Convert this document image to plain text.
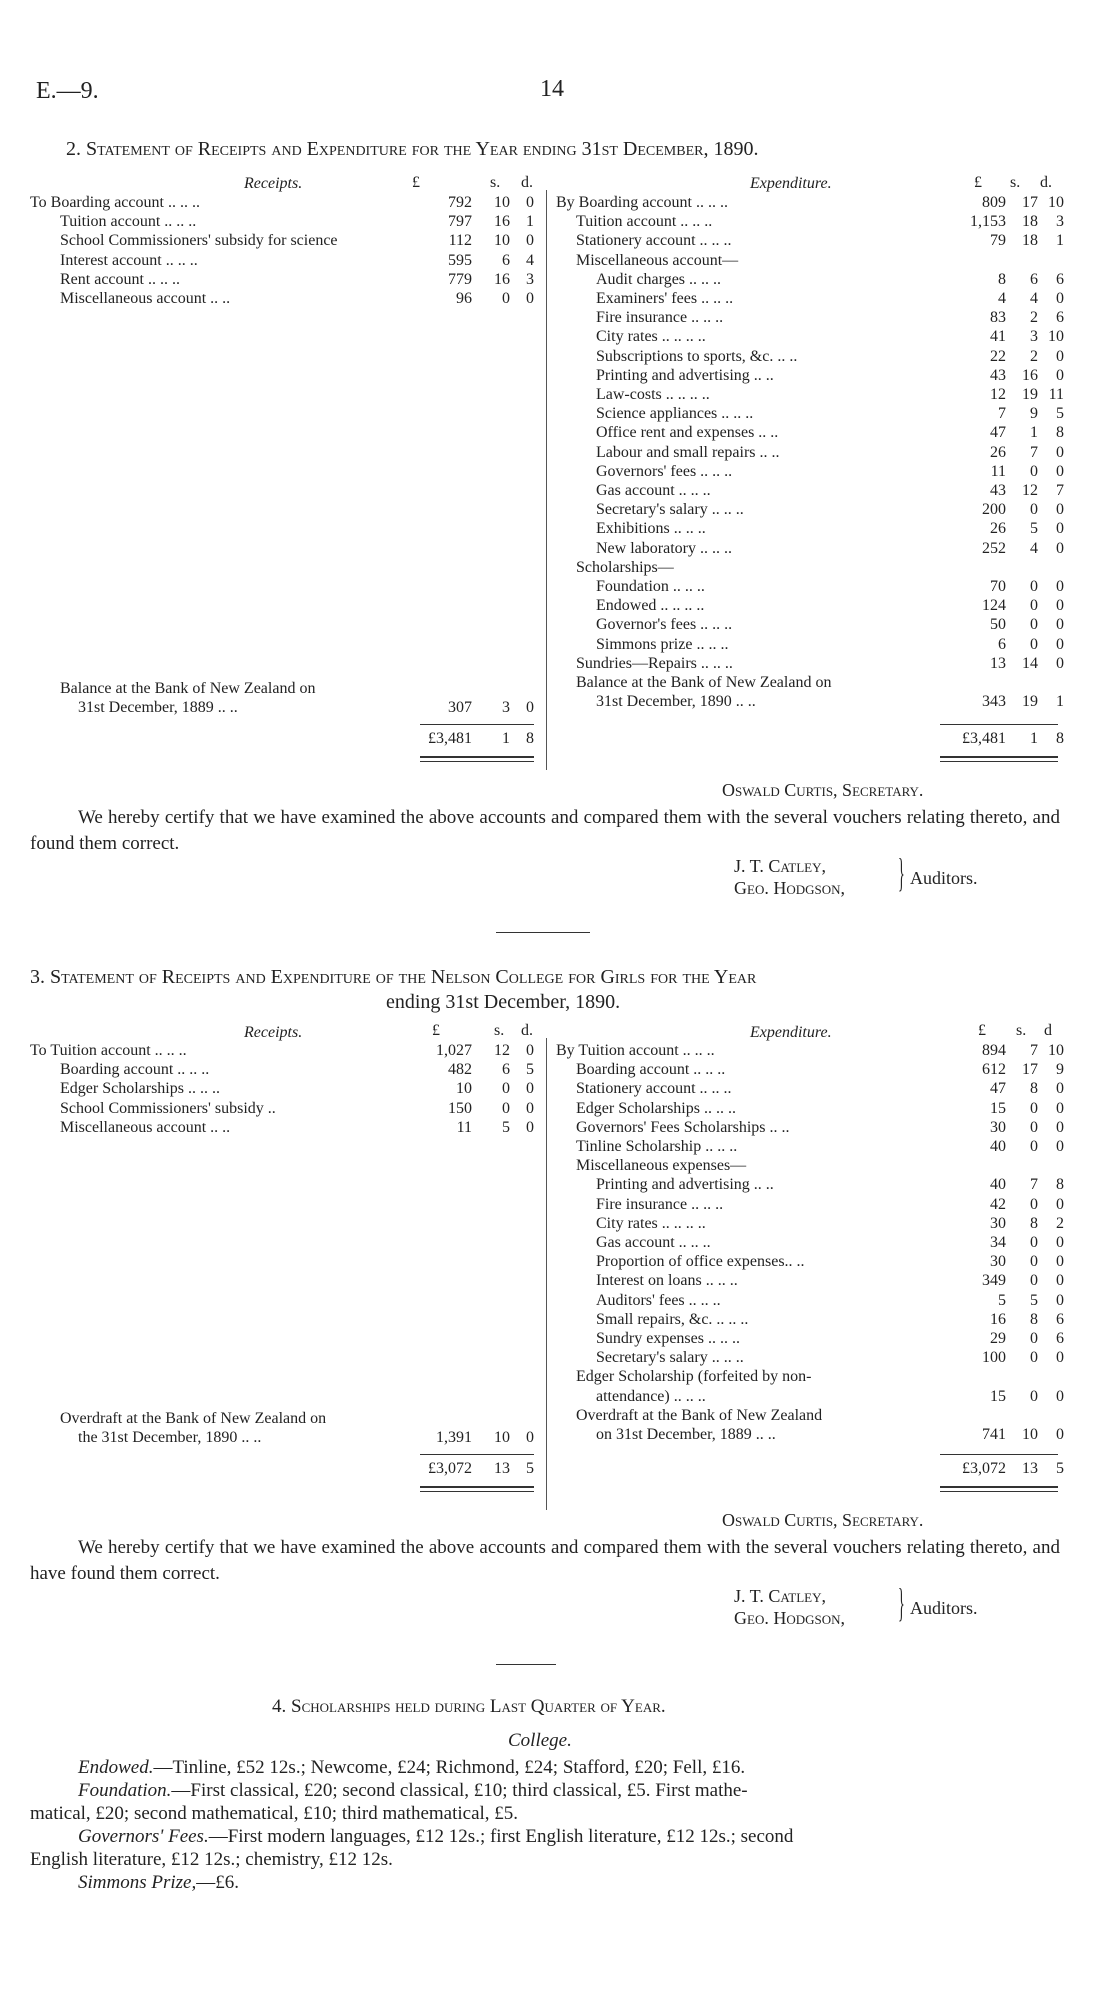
E.—9.	14
2. Statement of Receipts and Expenditure for the Year ending 31st December, 1890.
Receipts.	£	s. d.	Expenditure.	£ s. d.
To Boarding account .. .. ..	792	10	0
Tuition account .. .. ..	797	16	1
School Commissioners' subsidy for science	112	10	0
Interest account .. .. ..	595	6	4
Rent account .. .. ..	779	16	3
Miscellaneous account .. ..	96	0	0
By Boarding account .. .. ..	809	17 10
Tuition account .. .. ..	1,153	18	3
Stationery account .. .. ..	79	18	1
Miscellaneous account—
Audit charges .. .. ..	8	6	6
Examiners' fees .. .. ..	4	4	0
Fire insurance .. .. ..	83	2	6
City rates .. .. .. ..	41	3 10
Subscriptions to sports, &c. .. ..	22	2	0
Printing and advertising .. ..	43	16	0
Law-costs .. .. .. ..	12	19 11
Science appliances .. .. ..	7	9	5
Office rent and expenses .. ..	47	1	8
Labour and small repairs .. ..	26	7	0
Governors' fees .. .. ..	11	0	0
Gas account .. .. ..	43	12	7
Secretary's salary .. .. ..	200	0	0
Exhibitions .. .. ..	26	5	0
New laboratory .. .. ..	252	4	0
Scholarships—
Foundation .. .. ..	70	0	0
Endowed .. .. .. ..	124	0	0
Governor's fees .. .. ..	50	0	0
Simmons prize .. .. ..	6	0	0
Sundries—Repairs .. .. ..	13	14	0
Balance at the Bank of New Zealand on
31st December, 1890 .. ..	343	19	1
Balance at the Bank of New Zealand on
31st December, 1889 .. ..	307	3	0
£3,481	1	8	£3,481	1	8
Oswald Curtis, Secretary.
We hereby certify that we have examined the above accounts and compared them with the several vouchers relating thereto, and found them correct.
J. T. Catley,
Geo. Hodgson, } Auditors.
3. Statement of Receipts and Expenditure of the Nelson College for Girls for the Year
ending 31st December, 1890.
Receipts.	£	s. d.	Expenditure.	£ s. d
To Tuition account .. .. ..	1,027	12	0
Boarding account .. .. ..	482	6	5
Edger Scholarships .. .. ..	10	0	0
School Commissioners' subsidy ..	150	0	0
Miscellaneous account .. ..	11	5	0
By Tuition account .. .. ..	894	7 10
Boarding account .. .. ..	612	17	9
Stationery account .. .. ..	47	8	0
Edger Scholarships .. .. ..	15	0	0
Governors' Fees Scholarships .. ..	30	0	0
Tinline Scholarship .. .. ..	40	0	0
Miscellaneous expenses—
Printing and advertising .. ..	40	7	8
Fire insurance .. .. ..	42	0	0
City rates .. .. .. ..	30	8	2
Gas account .. .. ..	34	0	0
Proportion of office expenses.. ..	30	0	0
Interest on loans .. .. ..	349	0	0
Auditors' fees .. .. ..	5	5	0
Small repairs, &c. .. .. ..	16	8	6
Sundry expenses .. .. ..	29	0	6
Secretary's salary .. .. ..	100	0	0
Edger Scholarship (forfeited by non-
attendance) .. .. ..	15	0	0
Overdraft at the Bank of New Zealand
on 31st December, 1889 .. ..	741	10	0
Overdraft at the Bank of New Zealand on
the 31st December, 1890 .. ..	1,391	10	0
£3,072	13	5	£3,072	13	5
Oswald Curtis, Secretary.
We hereby certify that we have examined the above accounts and compared them with the several vouchers relating thereto, and have found them correct.
J. T. Catley,
Geo. Hodgson, } Auditors.
4. Scholarships held during Last Quarter of Year.
College.
Endowed.—Tinline, £52 12s.; Newcome, £24; Richmond, £24; Stafford, £20; Fell, £16.
Foundation.—First classical, £20; second classical, £10; third classical, £5. First mathe-
matical, £20; second mathematical, £10; third mathematical, £5.
Governors' Fees.—First modern languages, £12 12s.; first English literature, £12 12s.; second
English literature, £12 12s.; chemistry, £12 12s.
Simmons Prize,—£6.
